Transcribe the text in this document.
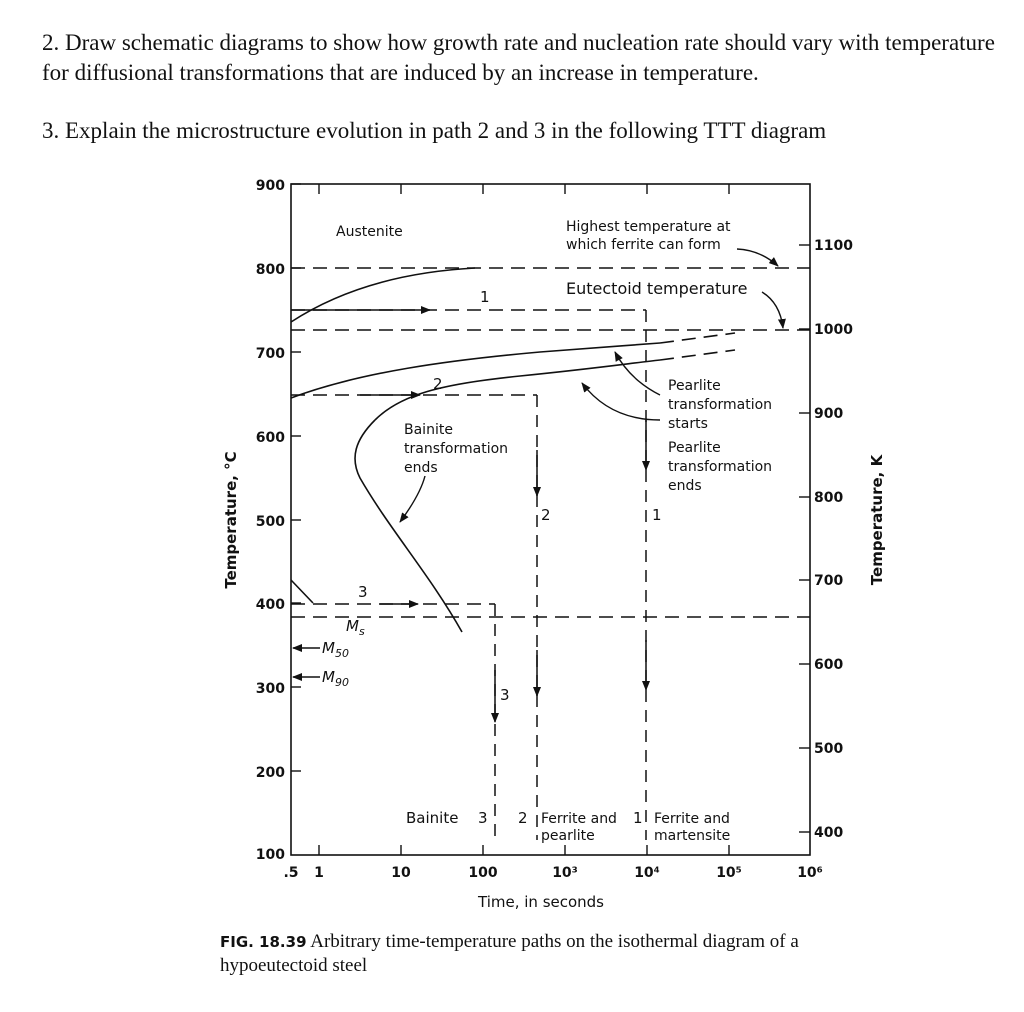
2. Draw schematic diagrams to show how growth rate and nucleation rate should vary with temperature for diffusional transformations that are induced by an increase in temperature.
3. Explain the microstructure evolution in path 2 and 3 in the following TTT diagram
900
800
700
600
500
400
300
200
100
1100
1000
900
800
700
600
500
400
.5 1	10	100	10³	10⁴	10⁵	10⁶
Time, in seconds
Temperature, °C	Temperature, K
Austenite	Highest temperature at
which ferrite can form
Eutectoid temperature
Pearlite
transformation
starts
Pearlite
transformation
ends
Bainite
transformation
ends
$M_s$
$M_{50}$
$M_{90}$
1
2
3
1
2
3
Bainite 3 2 Ferrite and
pearlite
1 Ferrite and
martensite
FIG. 18.39 Arbitrary time-temperature paths on the isothermal diagram of a hypoeutectoid steel
